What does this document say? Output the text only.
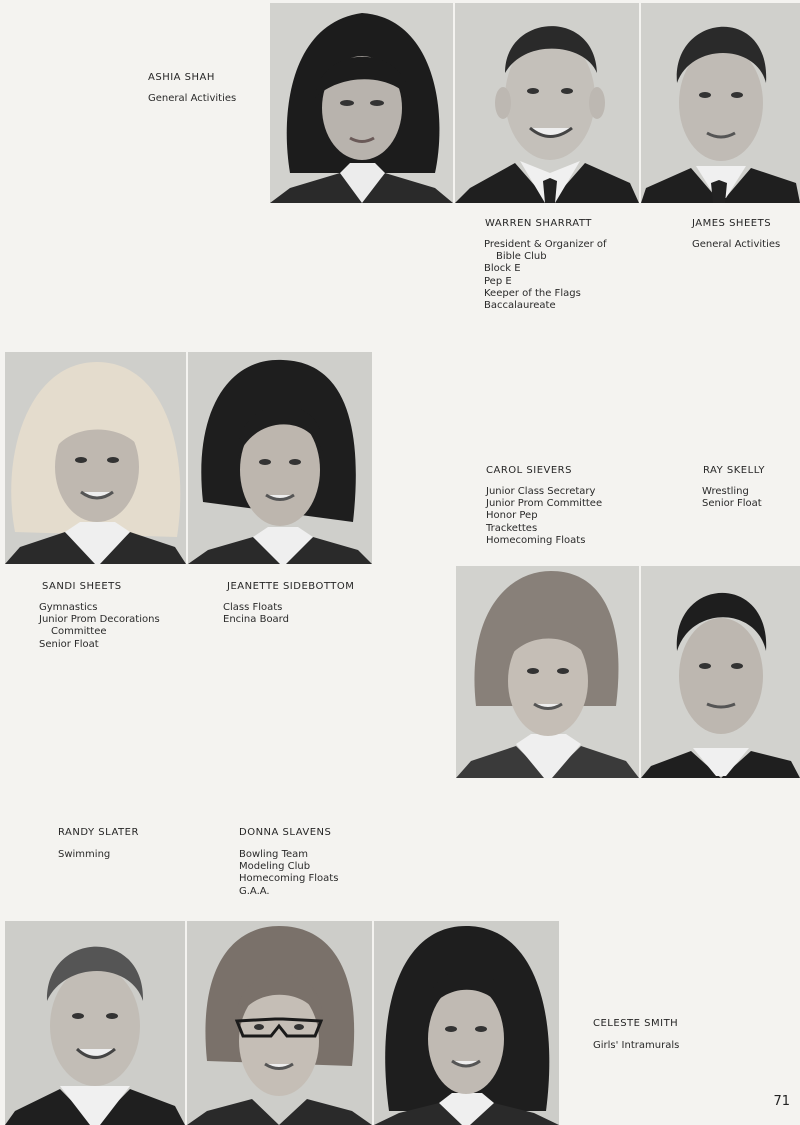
ASHIA SHAH
General Activities
WARREN SHARRATT
President & Organizer of
Bible Club
Block E
Pep E
Keeper of the Flags
Baccalaureate
JAMES SHEETS
General Activities
SANDI SHEETS
Gymnastics
Junior Prom Decorations
Committee
Senior Float
JEANETTE SIDEBOTTOM
Class Floats
Encina Board
CAROL SIEVERS
Junior Class Secretary
Junior Prom Committee
Honor Pep
Trackettes
Homecoming Floats
RAY SKELLY
Wrestling
Senior Float
RANDY SLATER
Swimming
DONNA SLAVENS
Bowling Team
Modeling Club
Homecoming Floats
G.A.A.
CELESTE SMITH
Girls' Intramurals
71
